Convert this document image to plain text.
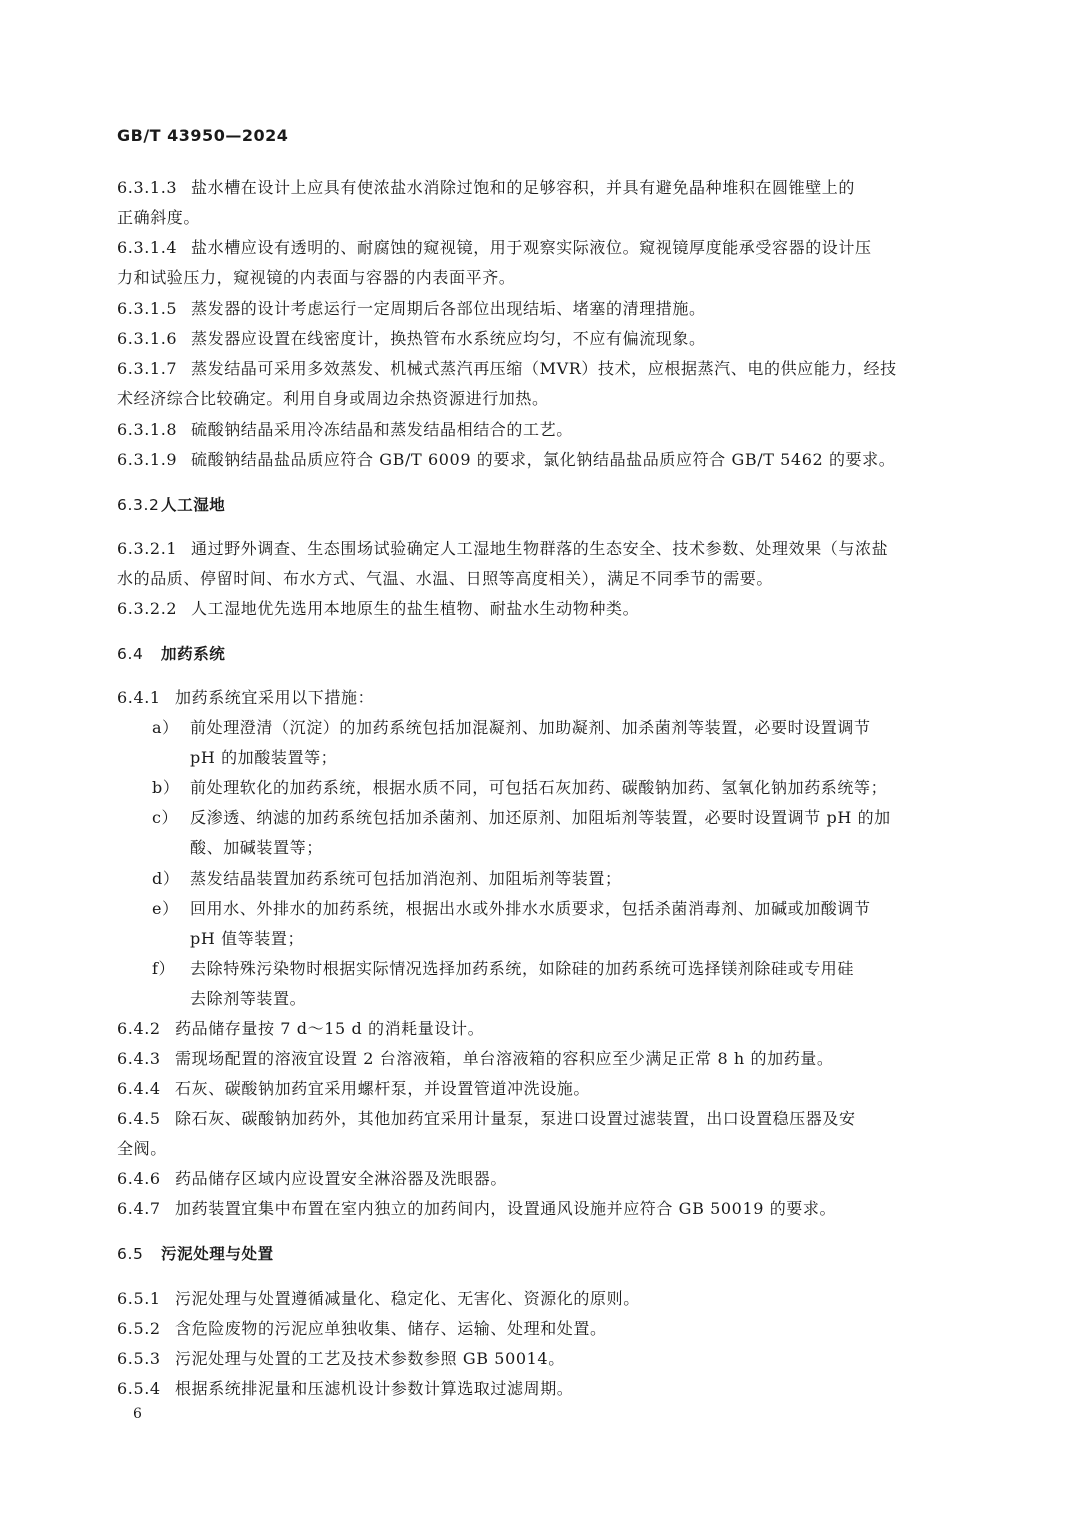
GB/T 43950—2024
6.3.1.3 盐水槽在设计上应具有使浓盐水消除过饱和的足够容积，并具有避免晶种堆积在圆锥壁上的
正确斜度。
6.3.1.4 盐水槽应设有透明的、耐腐蚀的窥视镜，用于观察实际液位。窥视镜厚度能承受容器的设计压
力和试验压力，窥视镜的内表面与容器的内表面平齐。
6.3.1.5 蒸发器的设计考虑运行一定周期后各部位出现结垢、堵塞的清理措施。
6.3.1.6 蒸发器应设置在线密度计，换热管布水系统应均匀，不应有偏流现象。
6.3.1.7 蒸发结晶可采用多效蒸发、机械式蒸汽再压缩（MVR）技术，应根据蒸汽、电的供应能力，经技
术经济综合比较确定。利用自身或周边余热资源进行加热。
6.3.1.8 硫酸钠结晶采用冷冻结晶和蒸发结晶相结合的工艺。
6.3.1.9 硫酸钠结晶盐品质应符合 GB/T 6009 的要求，氯化钠结晶盐品质应符合 GB/T 5462 的要求。
6.3.2人工湿地
6.3.2.1 通过野外调查、生态围场试验确定人工湿地生物群落的生态安全、技术参数、处理效果（与浓盐
水的品质、停留时间、布水方式、气温、水温、日照等高度相关），满足不同季节的需要。
6.3.2.2 人工湿地优先选用本地原生的盐生植物、耐盐水生动物种类。
6.4 加药系统
6.4.1 加药系统宜采用以下措施：
a） 前处理澄清（沉淀）的加药系统包括加混凝剂、加助凝剂、加杀菌剂等装置，必要时设置调节
pH 的加酸装置等；
b） 前处理软化的加药系统，根据水质不同，可包括石灰加药、碳酸钠加药、氢氧化钠加药系统等；
c） 反渗透、纳滤的加药系统包括加杀菌剂、加还原剂、加阻垢剂等装置，必要时设置调节 pH 的加
酸、加碱装置等；
d） 蒸发结晶装置加药系统可包括加消泡剂、加阻垢剂等装置；
e） 回用水、外排水的加药系统，根据出水或外排水水质要求，包括杀菌消毒剂、加碱或加酸调节
pH 值等装置；
f） 去除特殊污染物时根据实际情况选择加药系统，如除硅的加药系统可选择镁剂除硅或专用硅
去除剂等装置。
6.4.2 药品储存量按 7 d～15 d 的消耗量设计。
6.4.3 需现场配置的溶液宜设置 2 台溶液箱，单台溶液箱的容积应至少满足正常 8 h 的加药量。
6.4.4 石灰、碳酸钠加药宜采用螺杆泵，并设置管道冲洗设施。
6.4.5 除石灰、碳酸钠加药外，其他加药宜采用计量泵，泵进口设置过滤装置，出口设置稳压器及安
全阀。
6.4.6 药品储存区域内应设置安全淋浴器及洗眼器。
6.4.7 加药装置宜集中布置在室内独立的加药间内，设置通风设施并应符合 GB 50019 的要求。
6.5 污泥处理与处置
6.5.1 污泥处理与处置遵循减量化、稳定化、无害化、资源化的原则。
6.5.2 含危险废物的污泥应单独收集、储存、运输、处理和处置。
6.5.3 污泥处理与处置的工艺及技术参数参照 GB 50014。
6.5.4 根据系统排泥量和压滤机设计参数计算选取过滤周期。
6
